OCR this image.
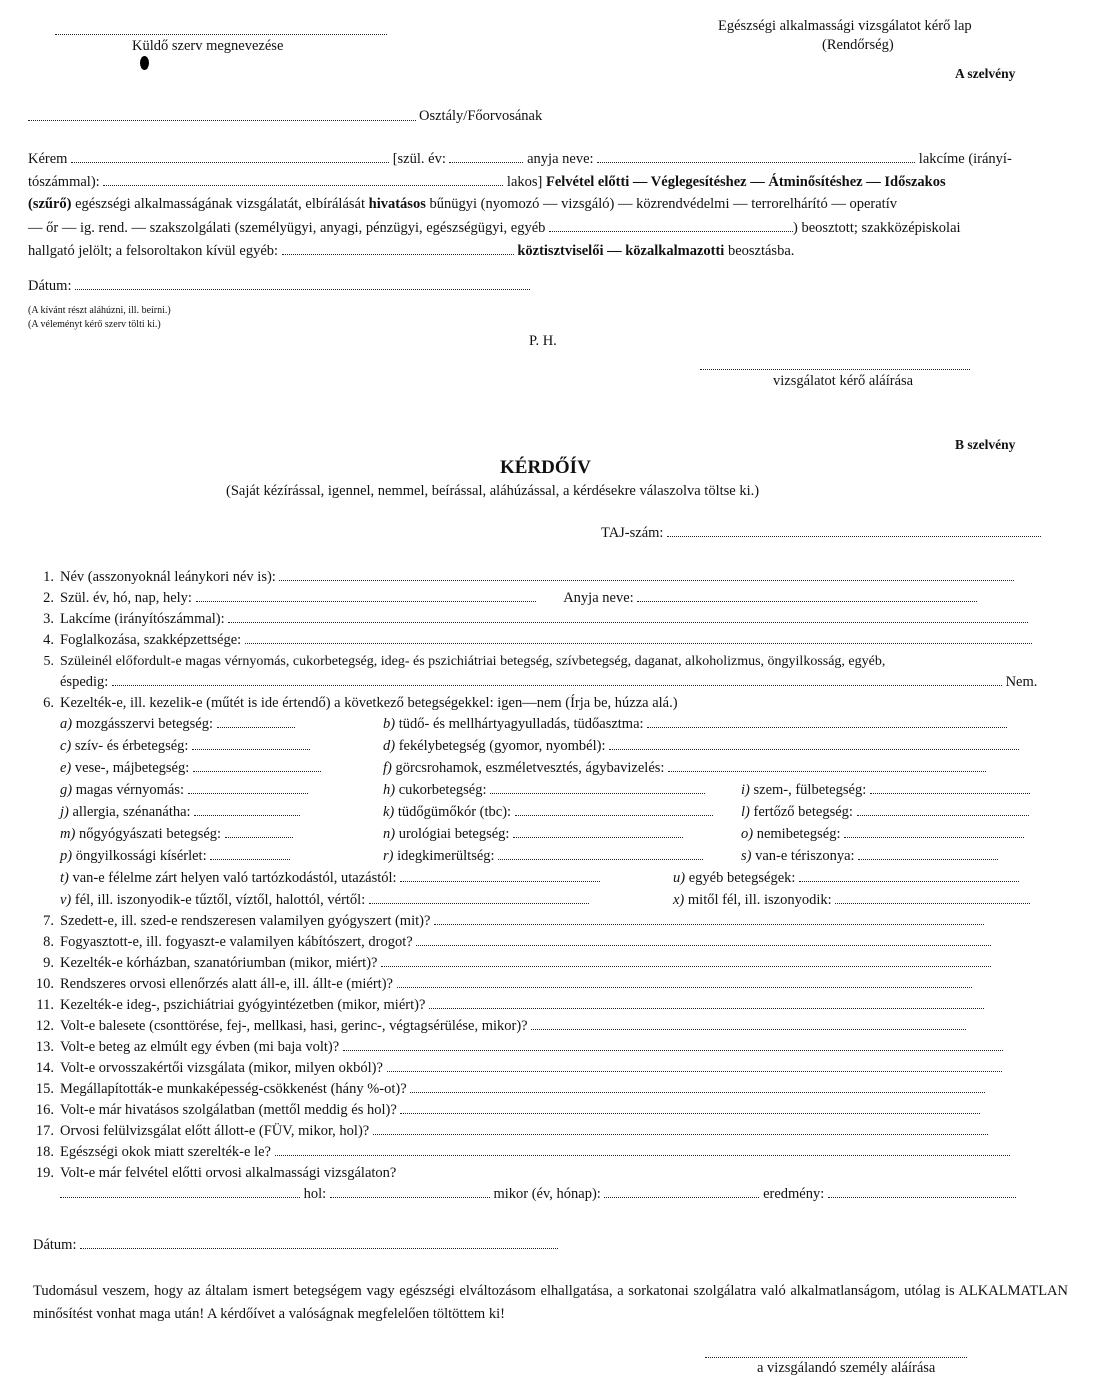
Küldő szerv megnevezése
Egészségi alkalmassági vizsgálatot kérő lap
(Rendőrség)
A szelvény
Osztály/Főorvosának
Kérem	[szül. év:	anyja neve:	lakcíme (irányí-
tószámmal):	lakos] Felvétel előtti — Véglegesítéshez — Átminősítéshez — Időszakos
(szűrő) egészségi alkalmasságának vizsgálatát, elbírálását hivatásos bűnügyi (nyomozó — vizsgáló) — közrendvédelmi — terrorelhárító — operatív
— őr — ig. rend. — szakszolgálati (személyügyi, anyagi, pénzügyi, egészségügyi, egyéb	) beosztott; szakközépiskolai
hallgató jelölt; a felsoroltakon kívül egyéb:	köztisztviselői — közalkalmazotti beosztásba.
Dátum:
(A kívánt részt aláhúzni, ill. beírni.)
(A véleményt kérő szerv tölti ki.)
P. H.
vizsgálatot kérő aláírása
B szelvény
KÉRDŐÍV
(Saját kézírással, igennel, nemmel, beírással, aláhúzással, a kérdésekre válaszolva töltse ki.)
TAJ-szám:
1. Név (asszonyoknál leánykori név is):
2. Szül. év, hó, nap, hely:	Anyja neve:
3. Lakcíme (irányítószámmal):
4. Foglalkozása, szakképzettsége:
5. Szüleinél előfordult-e magas vérnyomás, cukorbetegség, ideg- és pszichiátriai betegség, szívbetegség, daganat, alkoholizmus, öngyilkosság, egyéb,
éspedig:	Nem.
6. Kezelték-e, ill. kezelik-e (műtét is ide értendő) a következő betegségekkel: igen—nem (Írja be, húzza alá.)
a) mozgásszervi betegség:	b) tüdő- és mellhártyagyulladás, tüdőasztma:
c) szív- és érbetegség:	d) fekélybetegség (gyomor, nyombél):
e) vese-, májbetegség:	f) görcsrohamok, eszméletvesztés, ágybavizelés:
g) magas vérnyomás:	h) cukorbetegség:	i) szem-, fülbetegség:
j) allergia, szénanátha:	k) tüdőgümőkór (tbc):	l) fertőző betegség:
m) nőgyógyászati betegség:	n) urológiai betegség:	o) nemibetegség:
p) öngyilkossági kísérlet:	r) idegkimerültség:	s) van-e tériszonya:
t) van-e félelme zárt helyen való tartózkodástól, utazástól:	u) egyéb betegségek:
v) fél, ill. iszonyodik-e tűztől, víztől, halottól, vértől:	x) mitől fél, ill. iszonyodik:
7. Szedett-e, ill. szed-e rendszeresen valamilyen gyógyszert (mit)?
8. Fogyasztott-e, ill. fogyaszt-e valamilyen kábítószert, drogot?
9. Kezelték-e kórházban, szanatóriumban (mikor, miért)?
10. Rendszeres orvosi ellenőrzés alatt áll-e, ill. állt-e (miért)?
11. Kezelték-e ideg-, pszichiátriai gyógyintézetben (mikor, miért)?
12. Volt-e balesete (csonttörése, fej-, mellkasi, hasi, gerinc-, végtagsérülése, mikor)?
13. Volt-e beteg az elmúlt egy évben (mi baja volt)?
14. Volt-e orvosszakértői vizsgálata (mikor, milyen okból)?
15. Megállapították-e munkaképesség-csökkenést (hány %-ot)?
16. Volt-e már hivatásos szolgálatban (mettől meddig és hol)?
17. Orvosi felülvizsgálat előtt állott-e (FÜV, mikor, hol)?
18. Egészségi okok miatt szerelték-e le?
19. Volt-e már felvétel előtti orvosi alkalmassági vizsgálaton?
hol:	mikor (év, hónap):	eredmény:
Dátum:
Tudomásul veszem, hogy az általam ismert betegségem vagy egészségi elváltozásom elhallgatása, a sorkatonai szolgálatra való alkalmatlanságom, utólag is ALKALMATLAN minősítést vonhat maga után! A kérdőívet a valóságnak megfelelően töltöttem ki!
a vizsgálandó személy aláírása
